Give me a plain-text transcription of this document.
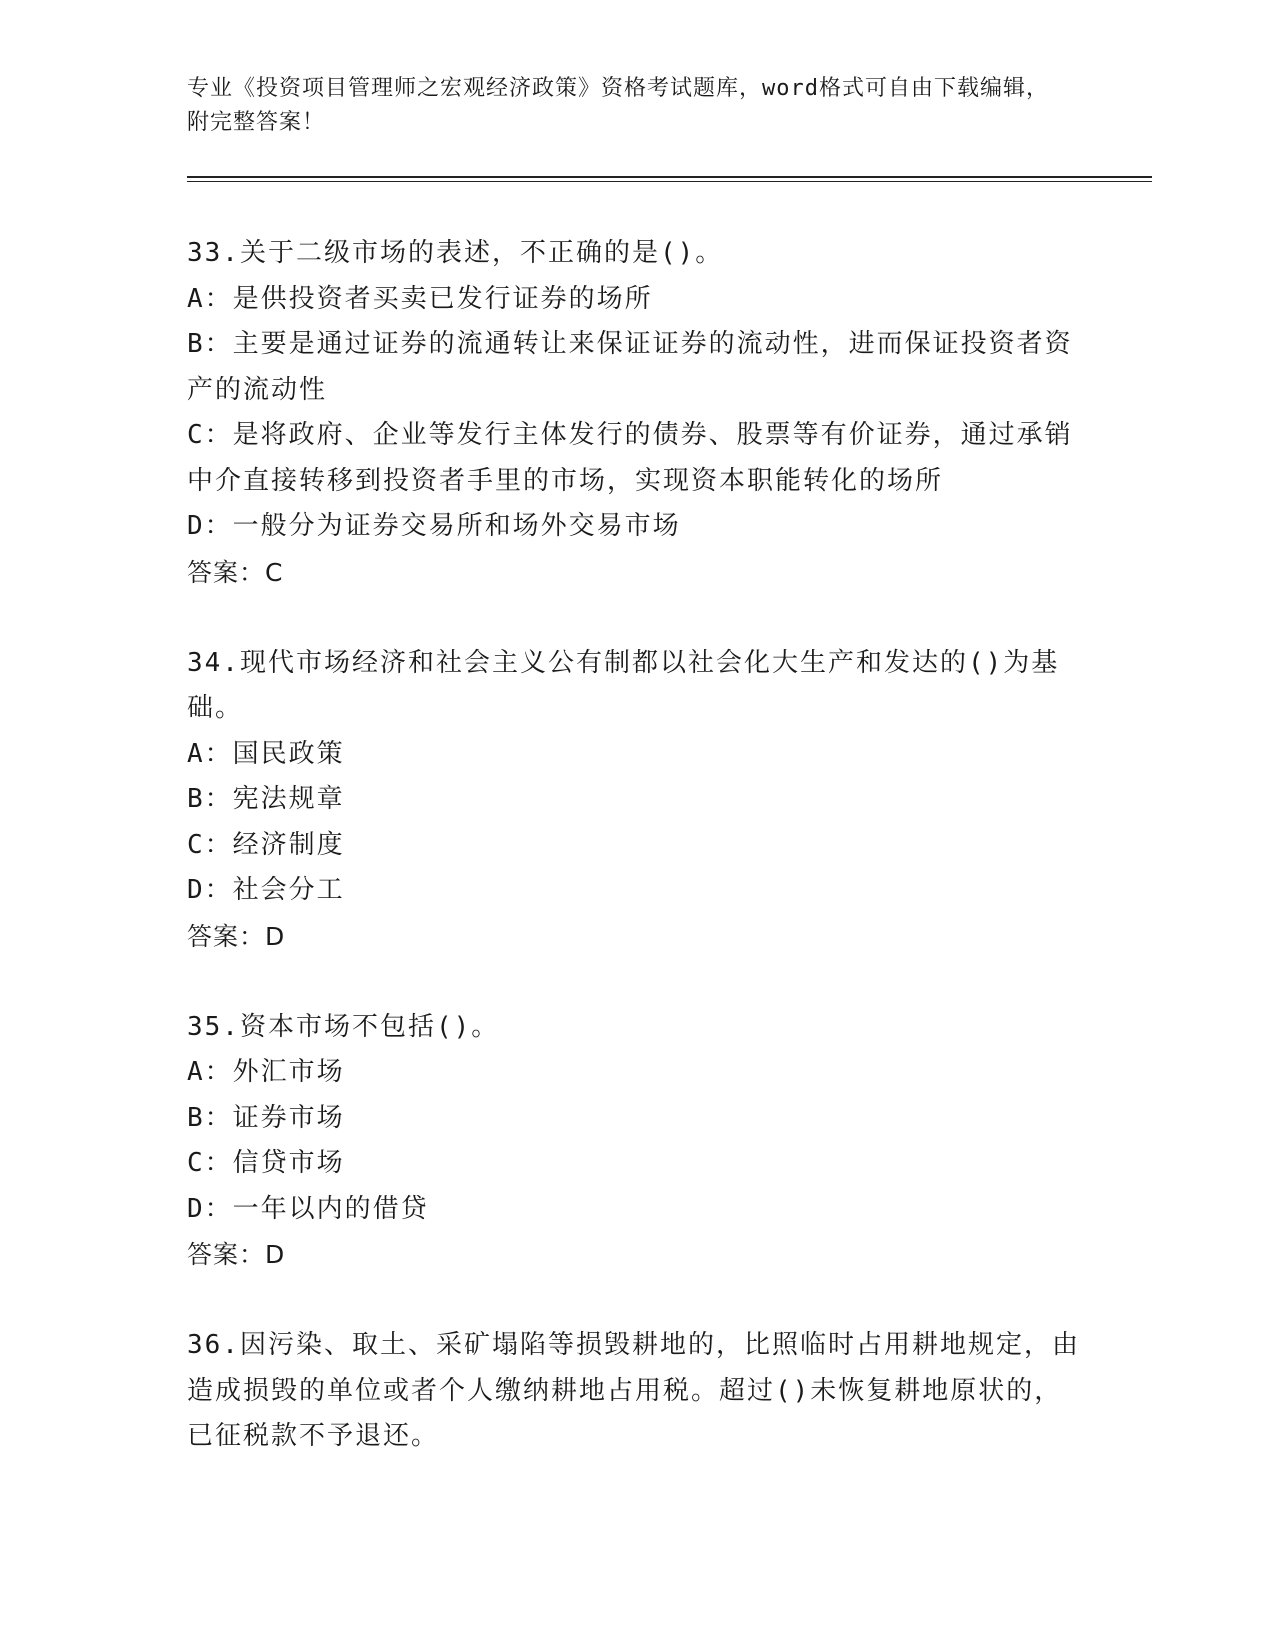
专业《投资项目管理师之宏观经济政策》资格考试题库，word格式可自由下载编辑，附完整答案！
33.关于二级市场的表述，不正确的是()。
A：是供投资者买卖已发行证券的场所
B：主要是通过证券的流通转让来保证证券的流动性，进而保证投资者资产的流动性
C：是将政府、企业等发行主体发行的债券、股票等有价证券，通过承销中介直接转移到投资者手里的市场，实现资本职能转化的场所
D：一般分为证券交易所和场外交易市场
答案：C
34.现代市场经济和社会主义公有制都以社会化大生产和发达的()为基础。
A：国民政策
B：宪法规章
C：经济制度
D：社会分工
答案：D
35.资本市场不包括()。
A：外汇市场
B：证券市场
C：信贷市场
D：一年以内的借贷
答案：D
36.因污染、取土、采矿塌陷等损毁耕地的，比照临时占用耕地规定，由造成损毁的单位或者个人缴纳耕地占用税。超过()未恢复耕地原状的，已征税款不予退还。
